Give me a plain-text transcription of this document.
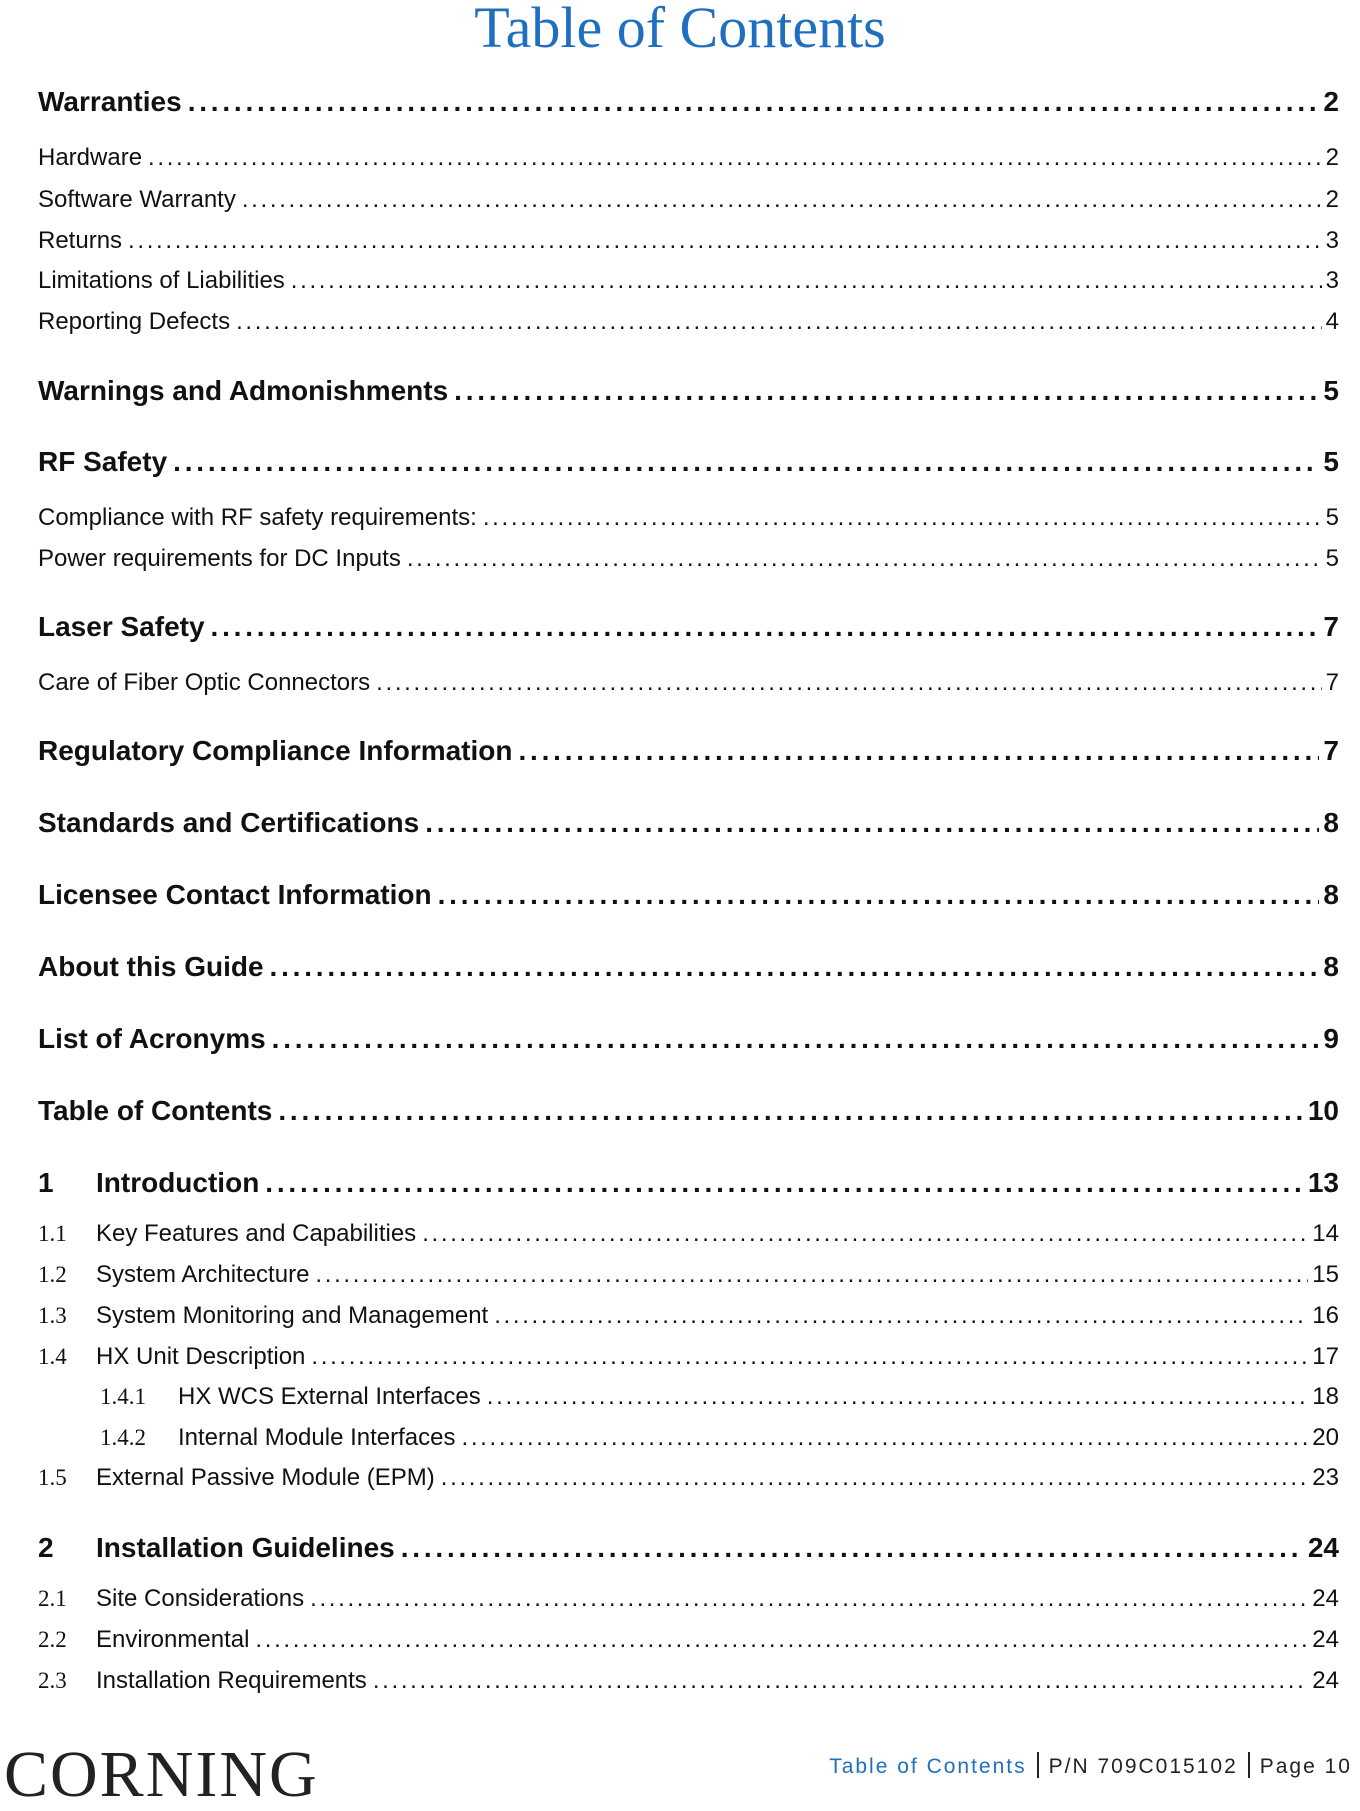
Table of Contents
Warranties . . .	2
Hardware . . .	2
Software Warranty . . .	2
Returns . . .	3
Limitations of Liabilities . . .	3
Reporting Defects . . .	4
Warnings and Admonishments . . .	5
RF Safety . . .	5
Compliance with RF safety requirements: . . .	5
Power requirements for DC Inputs . . .	5
Laser Safety . . .	7
Care of Fiber Optic Connectors . . .	7
Regulatory Compliance Information . . .	7
Standards and Certifications . . .	8
Licensee Contact Information . . .	8
About this Guide . . .	8
List of Acronyms . . .	9
Table of Contents . . .	10
1	Introduction . . .	13
1.1	Key Features and Capabilities . . .	14
1.2	System Architecture . . .	15
1.3	System Monitoring and Management . . .	16
1.4	HX Unit Description . . .	17
1.4.1	HX WCS External Interfaces . . .	18
1.4.2	Internal Module Interfaces . . .	20
1.5	External Passive Module (EPM) . . .	23
2	Installation Guidelines . . .	24
2.1	Site Considerations . . .	24
2.2	Environmental . . .	24
2.3	Installation Requirements . . .	24
CORNING	Table of Contents P/N 709C015102 Page 10
